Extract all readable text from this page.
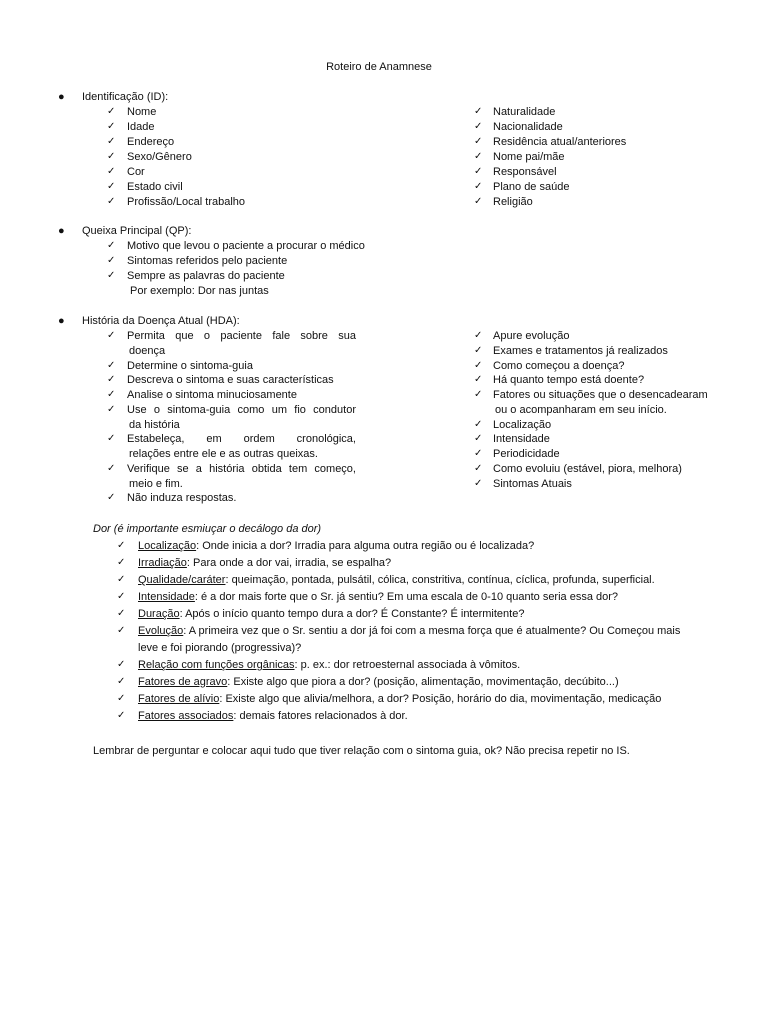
Roteiro de Anamnese
● Identificação (ID):
✓ Nome
✓ Idade
✓ Endereço
✓ Sexo/Gênero
✓ Cor
✓ Estado civil
✓ Profissão/Local trabalho
✓ Naturalidade
✓ Nacionalidade
✓ Residência atual/anteriores
✓ Nome pai/mãe
✓ Responsável
✓ Plano de saúde
✓ Religião
● Queixa Principal (QP):
✓ Motivo que levou o paciente a procurar o médico
✓ Sintomas referidos pelo paciente
✓ Sempre as palavras do paciente
Por exemplo: Dor nas juntas
● História da Doença Atual (HDA):
✓ Permita que o paciente fale sobre sua
doença
✓ Determine o sintoma-guia
✓ Descreva o sintoma e suas características
✓ Analise o sintoma minuciosamente
✓ Use o sintoma-guia como um fio condutor
da história
✓ Estabeleça, em ordem cronológica,
relações entre ele e as outras queixas.
✓ Verifique se a história obtida tem começo,
meio e fim.
✓ Não induza respostas.
✓ Apure evolução
✓ Exames e tratamentos já realizados
✓ Como começou a doença?
✓ Há quanto tempo está doente?
✓ Fatores ou situações que o desencadearam
ou o acompanharam em seu início.
✓ Localização
✓ Intensidade
✓ Periodicidade
✓ Como evoluiu (estável, piora, melhora)
✓ Sintomas Atuais
Dor (é importante esmiuçar o decálogo da dor)
✓ Localização: Onde inicia a dor? Irradia para alguma outra região ou é localizada?
✓ Irradiação: Para onde a dor vai, irradia, se espalha?
✓ Qualidade/caráter: queimação, pontada, pulsátil, cólica, constritiva, contínua, cíclica, profunda, superficial.
✓ Intensidade: é a dor mais forte que o Sr. já sentiu? Em uma escala de 0-10 quanto seria essa dor?
✓ Duração: Após o início quanto tempo dura a dor? É Constante? É intermitente?
✓ Evolução: A primeira vez que o Sr. sentiu a dor já foi com a mesma força que é atualmente? Ou Começou mais
leve e foi piorando (progressiva)?
✓ Relação com funções orgânicas: p. ex.: dor retroesternal associada à vômitos.
✓ Fatores de agravo: Existe algo que piora a dor? (posição, alimentação, movimentação, decúbito...)
✓ Fatores de alívio: Existe algo que alivia/melhora, a dor? Posição, horário do dia, movimentação, medicação
✓ Fatores associados: demais fatores relacionados à dor.
Lembrar de perguntar e colocar aqui tudo que tiver relação com o sintoma guia, ok? Não precisa repetir no IS.
